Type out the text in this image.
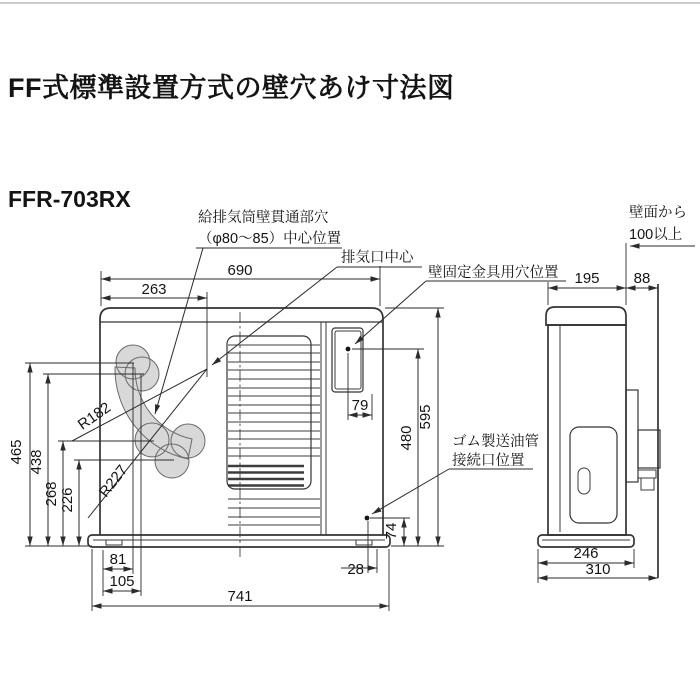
FF式標準設置方式の壁穴あけ寸法図
FFR-703RX
R182
R227
690
263
465 438
268 226
81
105
741
79
480
595
74
28
195 88
246
310
給排気筒壁貫通部穴
（φ80～85）中心位置
排気口中心
壁固定金具用穴位置
壁面から
100以上
ゴム製送油管
接続口位置
